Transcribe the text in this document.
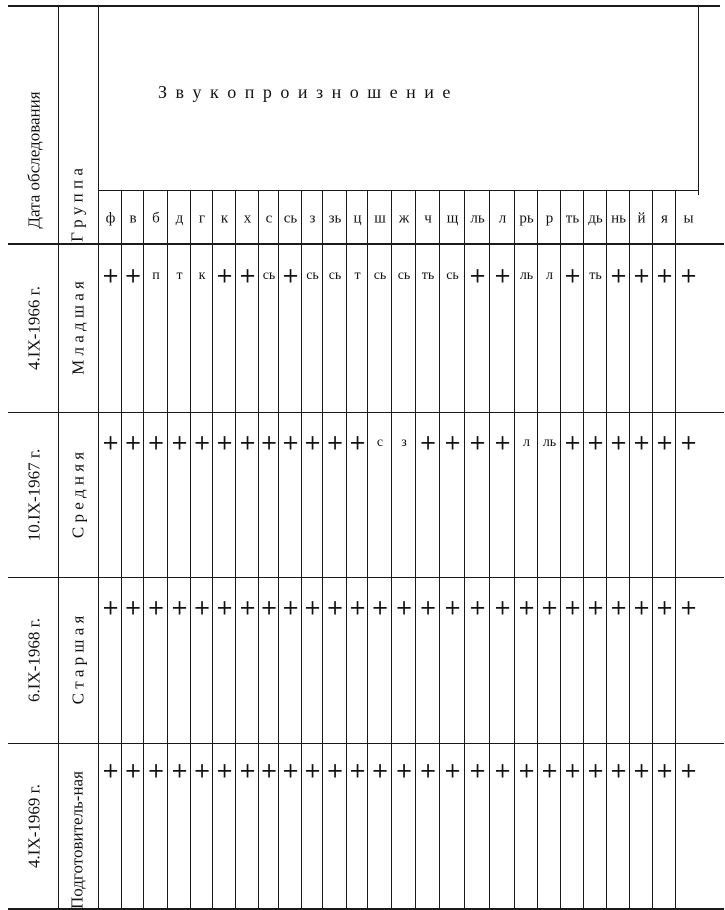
З в у к о п р о и з н о ш е н и е
Дата обследования Г р у п п а ф в б д г к х с сь з зь ц ш ж ч щ ль л рь р ть дь нь й я ы
4.IX-1966 г. М л а д ш а я
+ + п т к + + сь + сь сь т сь сь ть сь + + ль л + ть + + + +
10.IX-1967 г. С р е д н я я
+ + + + + + + + + + + + с з + + + + л ль + + + + + +
6.IX-1968 г. С т а р ш а я
+ + + + + + + + + + + + + + + + + + + + + + + + + +
4.IX-1969 г. Подготовитель-ная
+ + + + + + + + + + + + + + + + + + + + + + + + + +
